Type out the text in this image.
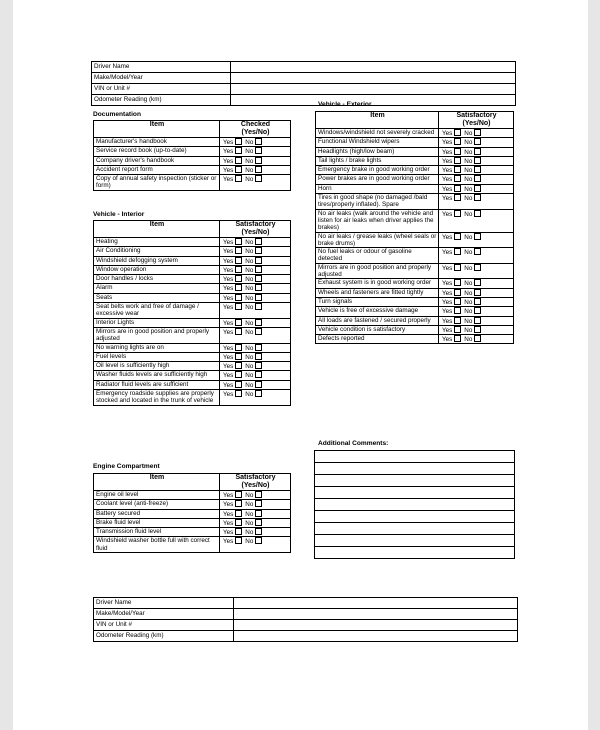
Driver Name	
Make/Model/Year	
VIN or Unit #	
Odometer Reading (km)	
Documentation
Item	Checked
(Yes/No)
Manufacturer's handbook	Yes No
Service record book (up-to-date)	Yes No
Company driver's handbook	Yes No
Accident report form	Yes No
Copy of annual safety inspection (sticker or form)	Yes No
Vehicle - Interior
Item	Satisfactory
(Yes/No)
Heating	Yes No
Air Conditioning	Yes No
Windshield defogging system	Yes No
Window operation	Yes No
Door handles / locks	Yes No
Alarm	Yes No
Seats	Yes No
Seat belts work and free of damage / excessive wear	Yes No
Interior Lights	Yes No
Mirrors are in good position and properly adjusted	Yes No
No warning lights are on	Yes No
Fuel levels	Yes No
Oil level is sufficiently high	Yes No
Washer fluids levels are sufficiently high	Yes No
Radiator fluid levels are sufficient	Yes No
Emergency roadside supplies are properly stocked and located in the trunk of vehicle	Yes No
Engine Compartment
Item	Satisfactory
(Yes/No)
Engine oil level	Yes No
Coolant level (anti-freeze)	Yes No
Battery secured	Yes No
Brake fluid level	Yes No
Transmission fluid level	Yes No
Windshield washer bottle full with correct fluid	Yes No
Vehicle - Exterior
Item	Satisfactory
(Yes/No)
Windows/windshield not severely cracked	Yes No
Functional Windshield wipers	Yes No
Headlights (high/low beam)	Yes No
Tail lights / brake lights	Yes No
Emergency brake in good working order	Yes No
Power brakes are in good working order	Yes No
Horn	Yes No
Tires in good shape (no damaged /bald tires/properly inflated). Spare	Yes No
No air leaks (walk around the vehicle and listen for air leaks when driver applies the brakes)	Yes No
No air leaks / grease leaks (wheel seals or brake drums)	Yes No
No fuel leaks or odour of gasoline detected	Yes No
Mirrors are in good position and properly adjusted	Yes No
Exhaust system is in good working order	Yes No
Wheels and fasteners are fitted tightly	Yes No
Turn signals	Yes No
Vehicle is free of excessive damage	Yes No
All loads are fastened / secured properly	Yes No
Vehicle condition is satisfactory	Yes No
Defects reported	Yes No
Additional Comments:

Driver Name	
Make/Model/Year	
VIN or Unit #	
Odometer Reading (km)	
